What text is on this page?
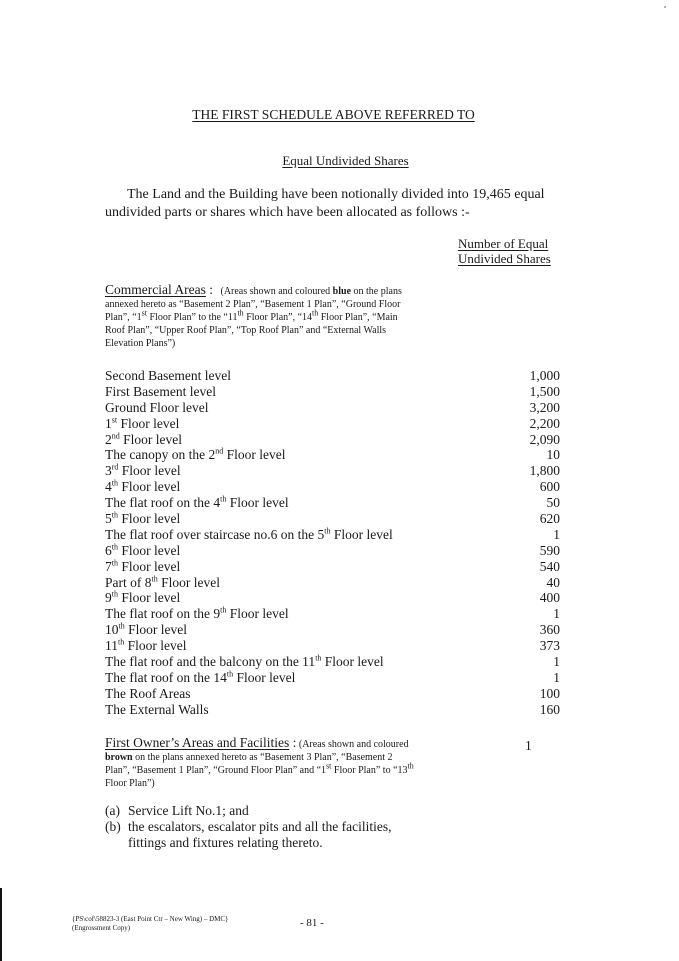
THE FIRST SCHEDULE ABOVE REFERRED TO
Equal Undivided Shares
The Land and the Building have been notionally divided into 19,465 equal undivided parts or shares which have been allocated as follows :-
Number of Equal
Undivided Shares
Commercial Areas : (Areas shown and coloured blue on the plans annexed hereto as “Basement 2 Plan”, “Basement 1 Plan”, “Ground Floor Plan”, “1st Floor Plan” to the “11th Floor Plan”, “14th Floor Plan”, “Main Roof Plan”, “Upper Roof Plan”, “Top Roof Plan” and “External Walls Elevation Plans”)
Second Basement level	1,000
First Basement level	1,500
Ground Floor level	3,200
1st Floor level	2,200
2nd Floor level	2,090
The canopy on the 2nd Floor level	10
3rd Floor level	1,800
4th Floor level	600
The flat roof on the 4th Floor level	50
5th Floor level	620
The flat roof over staircase no.6 on the 5th Floor level	1
6th Floor level	590
7th Floor level	540
Part of 8th Floor level	40
9th Floor level	400
The flat roof on the 9th Floor level	1
10th Floor level	360
11th Floor level	373
The flat roof and the balcony on the 11th Floor level	1
The flat roof on the 14th Floor level	1
The Roof Areas	100
The External Walls	160
First Owner’s Areas and Facilities : (Areas shown and coloured brown on the plans annexed hereto as “Basement 3 Plan”, “Basement 2 Plan”, “Basement 1 Plan”, “Ground Floor Plan” and “1st Floor Plan” to “13th Floor Plan”)
1
(a) Service Lift No.1; and
(b) the escalators, escalator pits and all the facilities, fittings and fixtures relating thereto.
{PS\cof\58823-3 (East Point Ctr – New Wing) – DMC}
(Engrossment Copy)	- 81 -
